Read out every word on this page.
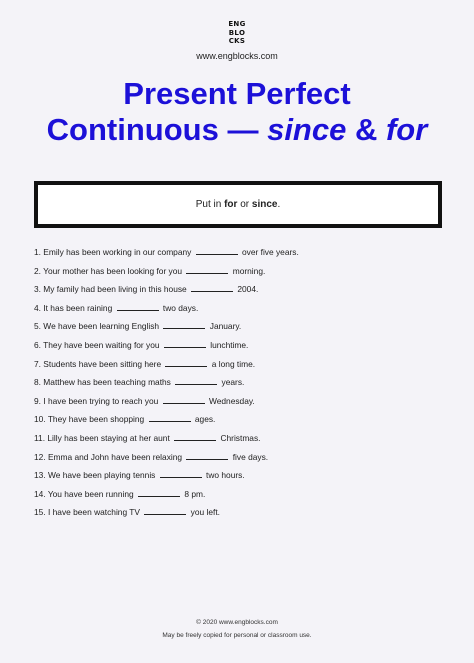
ENG
BLO
CKS
www.engblocks.com
Present Perfect
Continuous — since & for
Put in for or since.
1. Emily has been working in our company	over five years.
2. Your mother has been looking for you	morning.
3. My family had been living in this house	2004.
4. It has been raining	two days.
5. We have been learning English	January.
6. They have been waiting for you	lunchtime.
7. Students have been sitting here	a long time.
8. Matthew has been teaching maths	years.
9. I have been trying to reach you	Wednesday.
10. They have been shopping	ages.
11. Lilly has been staying at her aunt	Christmas.
12. Emma and John have been relaxing	five days.
13. We have been playing tennis	two hours.
14. You have been running	8 pm.
15. I have been watching TV	you left.
© 2020 www.engblocks.com
May be freely copied for personal or classroom use.
